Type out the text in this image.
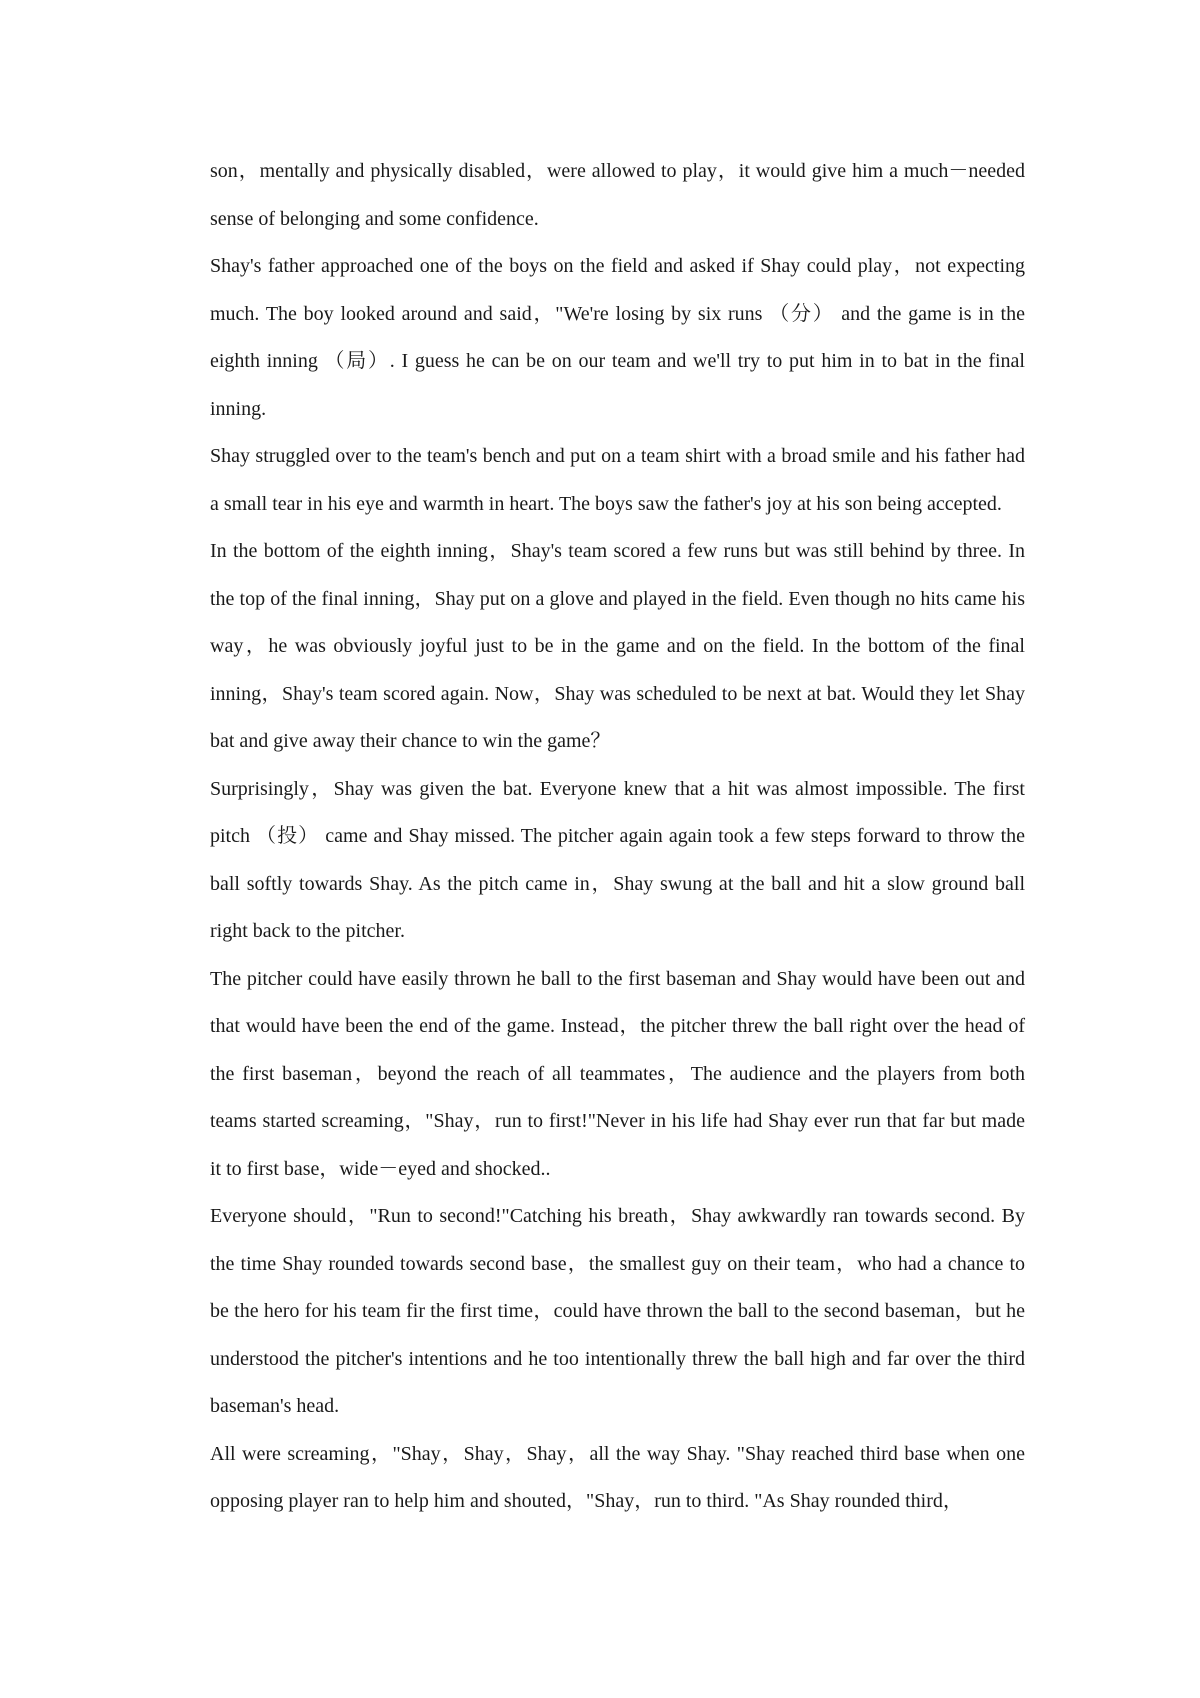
son，mentally and physically disabled，were allowed to play，it would give him a much－needed sense of belonging and some confidence.

Shay's father approached one of the boys on the field and asked if Shay could play，not expecting much. The boy looked around and said，"We're losing by six runs （分） and the game is in the eighth inning （局）. I guess he can be on our team and we'll try to put him in to bat in the final inning.

Shay struggled over to the team's bench and put on a team shirt with a broad smile and his father had a small tear in his eye and warmth in heart. The boys saw the father's joy at his son being accepted.

In the bottom of the eighth inning，Shay's team scored a few runs but was still behind by three. In the top of the final inning，Shay put on a glove and played in the field. Even though no hits came his way，he was obviously joyful just to be in the game and on the field. In the bottom of the final inning，Shay's team scored again. Now，Shay was scheduled to be next at bat. Would they let Shay bat and give away their chance to win the game？

Surprisingly，Shay was given the bat. Everyone knew that a hit was almost impossible. The first pitch （投） came and Shay missed. The pitcher again again took a few steps forward to throw the ball softly towards Shay. As the pitch came in，Shay swung at the ball and hit a slow ground ball right back to the pitcher.

The pitcher could have easily thrown he ball to the first baseman and Shay would have been out and that would have been the end of the game. Instead，the pitcher threw the ball right over the head of the first baseman，beyond the reach of all teammates，The audience and the players from both teams started screaming，"Shay，run to first!"Never in his life had Shay ever run that far but made it to first base，wide－eyed and shocked..

Everyone should，"Run to second!"Catching his breath，Shay awkwardly ran towards second. By the time Shay rounded towards second base，the smallest guy on their team，who had a chance to be the hero for his team fir the first time，could have thrown the ball to the second baseman，but he understood the pitcher's intentions and he too intentionally threw the ball high and far over the third baseman's head.

All were screaming，"Shay，Shay，Shay，all the way Shay. "Shay reached third base when one opposing player ran to help him and shouted，"Shay，run to third. "As Shay rounded third，
